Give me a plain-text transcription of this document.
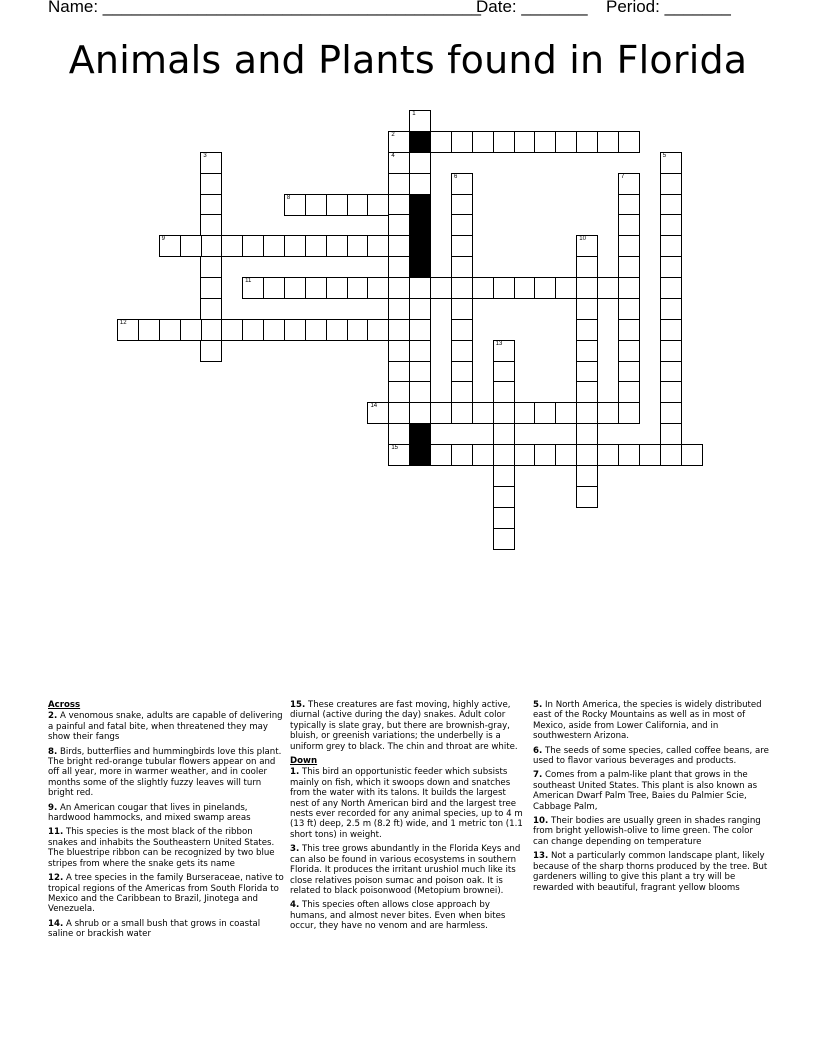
Name: ________________________________________
Date: _______ Period: _______
Animals and Plants found in Florida
1
2
3	4
15
5
6	7
8
9	10
11
12
13
14
Across

2. A venomous snake, adults are capable of delivering a painful and fatal bite, when threatened they may show their fangs

8. Birds, butterflies and hummingbirds love this plant. The bright red-orange tubular flowers appear on and off all year, more in warmer weather, and in cooler months some of the slightly fuzzy leaves will turn bright red.

9. An American cougar that lives in pinelands, hardwood hammocks, and mixed swamp areas

11. This species is the most black of the ribbon snakes and inhabits the Southeastern United States. The bluestripe ribbon can be recognized by two blue stripes from where the snake gets its name

12. A tree species in the family Burseraceae, native to tropical regions of the Americas from South Florida to Mexico and the Caribbean to Brazil, Jinotega and Venezuela.

14. A shrub or a small bush that grows in coastal saline or brackish water

15. These creatures are fast moving, highly active, diurnal (active during the day) snakes. Adult color typically is slate gray, but there are brownish-gray, bluish, or greenish variations; the underbelly is a uniform grey to black. The chin and throat are white.

Down

1. This bird an opportunistic feeder which subsists mainly on fish, which it swoops down and snatches from the water with its talons. It builds the largest nest of any North American bird and the largest tree nests ever recorded for any animal species, up to 4 m (13 ft) deep, 2.5 m (8.2 ft) wide, and 1 metric ton (1.1 short tons) in weight.

3. This tree grows abundantly in the Florida Keys and can also be found in various ecosystems in southern Florida. It produces the irritant urushiol much like its close relatives poison sumac and poison oak. It is related to black poisonwood (Metopium brownei).

4. This species often allows close approach by humans, and almost never bites. Even when bites occur, they have no venom and are harmless.

5. In North America, the species is widely distributed east of the Rocky Mountains as well as in most of Mexico, aside from Lower California, and in southwestern Arizona.

6. The seeds of some species, called coffee beans, are used to flavor various beverages and products.

7. Comes from a palm-like plant that grows in the southeast United States. This plant is also known as American Dwarf Palm Tree, Baies du Palmier Scie, Cabbage Palm,

10. Their bodies are usually green in shades ranging from bright yellowish-olive to lime green. The color can change depending on temperature

13. Not a particularly common landscape plant, likely because of the sharp thorns produced by the tree. But gardeners willing to give this plant a try will be rewarded with beautiful, fragrant yellow blooms
